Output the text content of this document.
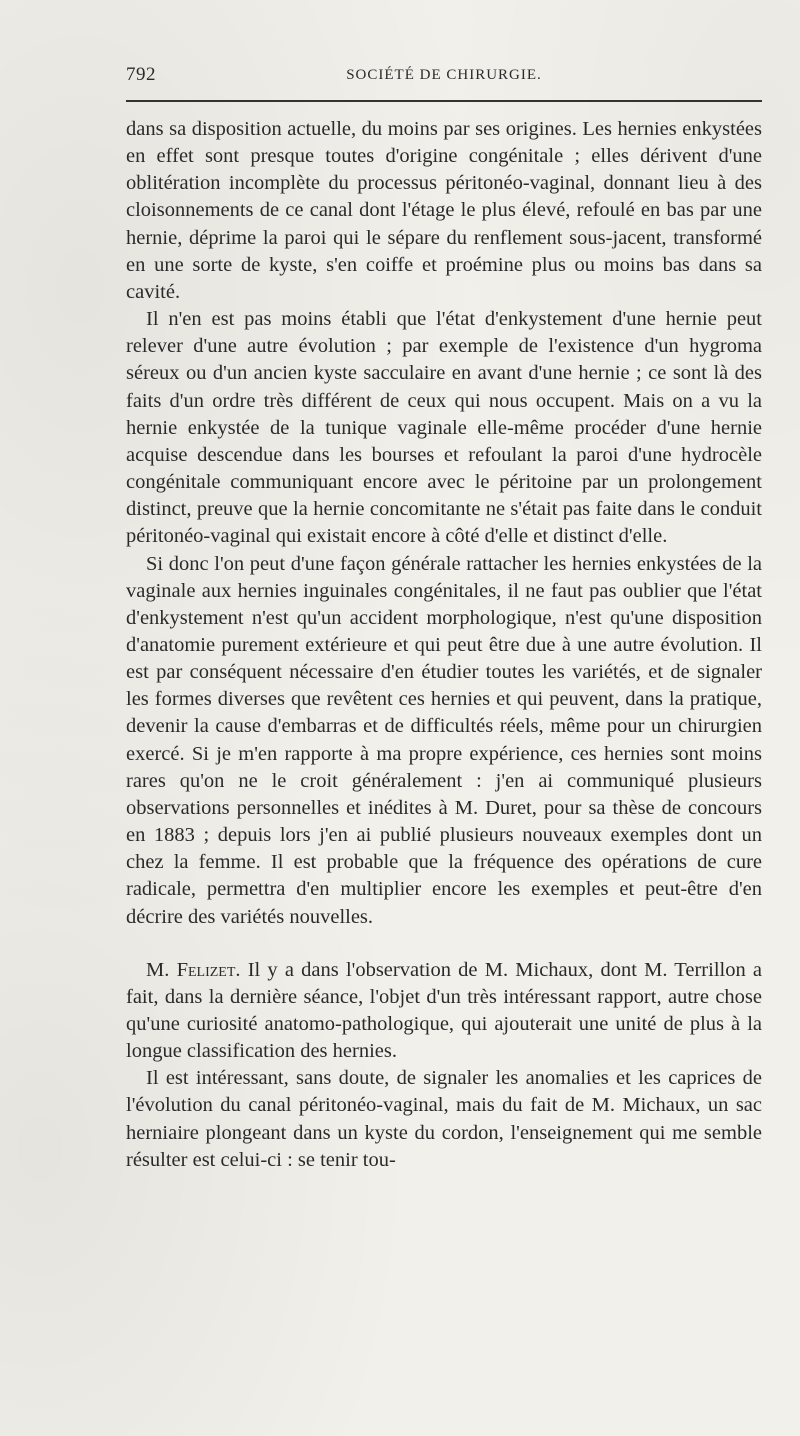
792	SOCIÉTÉ DE CHIRURGIE.

dans sa disposition actuelle, du moins par ses origines. Les hernies enkystées en effet sont presque toutes d'origine congénitale ; elles dérivent d'une oblitération incomplète du processus péritonéo-vaginal, donnant lieu à des cloisonnements de ce canal dont l'étage le plus élevé, refoulé en bas par une hernie, déprime la paroi qui le sépare du renflement sous-jacent, transformé en une sorte de kyste, s'en coiffe et proémine plus ou moins bas dans sa cavité.

Il n'en est pas moins établi que l'état d'enkystement d'une hernie peut relever d'une autre évolution ; par exemple de l'existence d'un hygroma séreux ou d'un ancien kyste sacculaire en avant d'une hernie ; ce sont là des faits d'un ordre très différent de ceux qui nous occupent. Mais on a vu la hernie enkystée de la tunique vaginale elle-même procéder d'une hernie acquise descendue dans les bourses et refoulant la paroi d'une hydrocèle congénitale communiquant encore avec le péritoine par un prolongement distinct, preuve que la hernie concomitante ne s'était pas faite dans le conduit péritonéo-vaginal qui existait encore à côté d'elle et distinct d'elle.

Si donc l'on peut d'une façon générale rattacher les hernies enkystées de la vaginale aux hernies inguinales congénitales, il ne faut pas oublier que l'état d'enkystement n'est qu'un accident morphologique, n'est qu'une disposition d'anatomie purement extérieure et qui peut être due à une autre évolution. Il est par conséquent nécessaire d'en étudier toutes les variétés, et de signaler les formes diverses que revêtent ces hernies et qui peuvent, dans la pratique, devenir la cause d'embarras et de difficultés réels, même pour un chirurgien exercé. Si je m'en rapporte à ma propre expérience, ces hernies sont moins rares qu'on ne le croit généralement : j'en ai communiqué plusieurs observations personnelles et inédites à M. Duret, pour sa thèse de concours en 1883 ; depuis lors j'en ai publié plusieurs nouveaux exemples dont un chez la femme. Il est probable que la fréquence des opérations de cure radicale, permettra d'en multiplier encore les exemples et peut-être d'en décrire des variétés nouvelles.

M. Felizet. Il y a dans l'observation de M. Michaux, dont M. Terrillon a fait, dans la dernière séance, l'objet d'un très intéressant rapport, autre chose qu'une curiosité anatomo-pathologique, qui ajouterait une unité de plus à la longue classification des hernies.

Il est intéressant, sans doute, de signaler les anomalies et les caprices de l'évolution du canal péritonéo-vaginal, mais du fait de M. Michaux, un sac herniaire plongeant dans un kyste du cordon, l'enseignement qui me semble résulter est celui-ci : se tenir tou-
